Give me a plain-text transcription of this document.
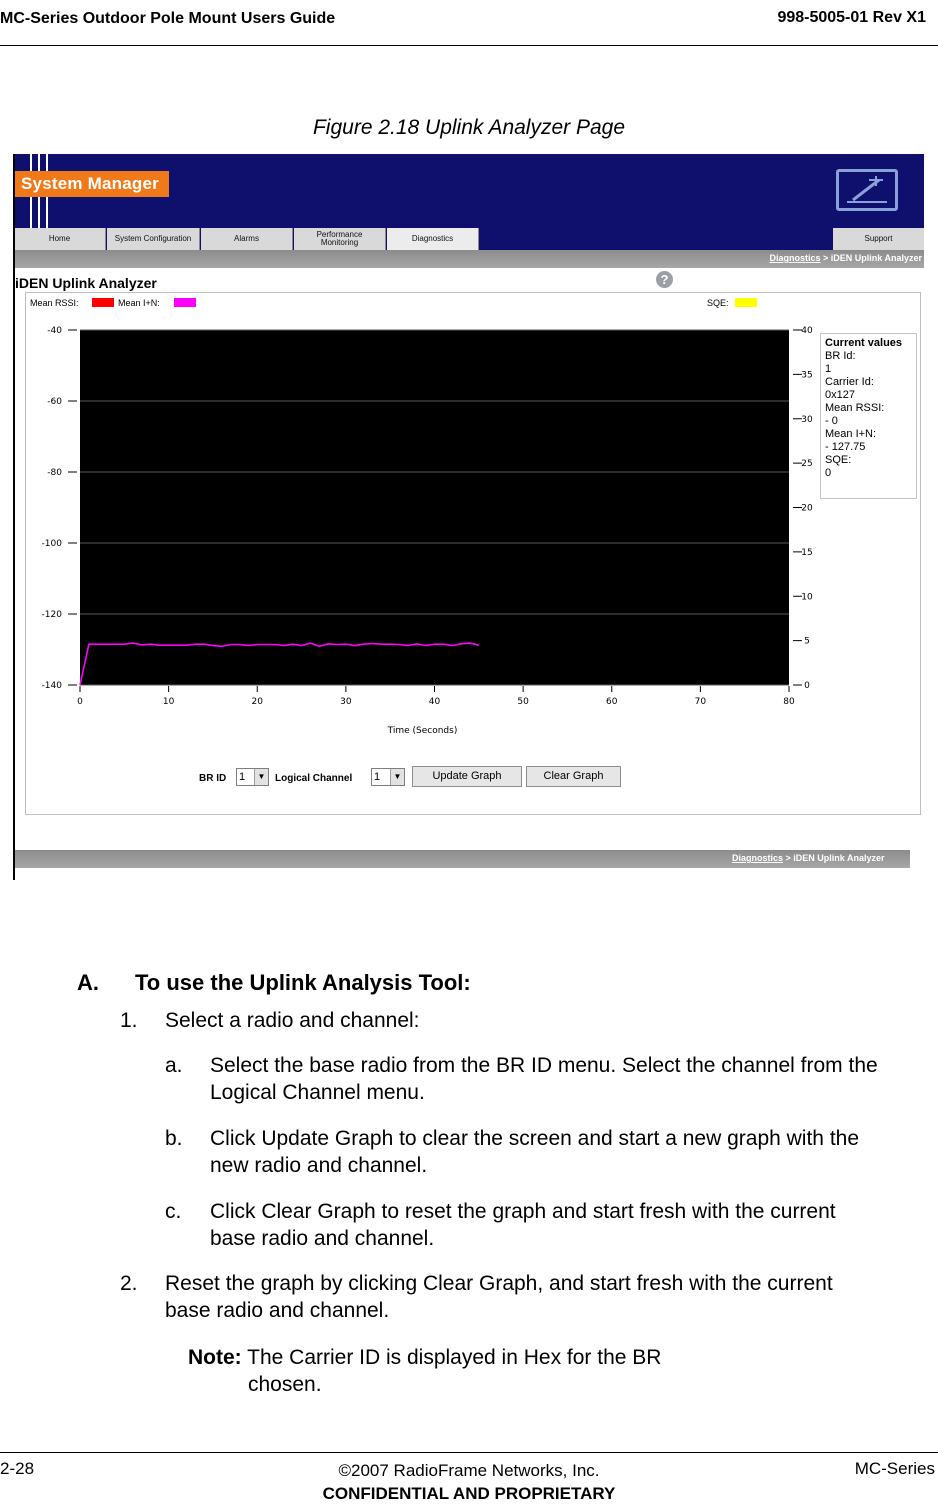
MC-Series Outdoor Pole Mount Users Guide	998-5005-01 Rev X1
Figure 2.18 Uplink Analyzer Page
System Manager
Home	System Configuration	Alarms	Performance Monitoring	Diagnostics	Support
Diagnostics > iDEN Uplink Analyzer
iDEN Uplink Analyzer	?
Mean RSSI:	Mean I+N:	SQE:
-40
-60
-80
-100
-120
-140
40
35
30
25
20
15
10
5
0
0	10	20	30	40	50	60	70	80
Time (Seconds)
Current values
BR Id:
1
Carrier Id:
0x127
Mean RSSI:
- 0
Mean I+N:
- 127.75
SQE:
0
BR ID 1	▼ Logical Channel 1	▼	Update Graph	Clear Graph
Diagnostics > iDEN Uplink Analyzer
A. To use the Uplink Analysis Tool:
1. Select a radio and channel:
a. Select the base radio from the BR ID menu. Select the channel from the
Logical Channel menu.
b. Click Update Graph to clear the screen and start a new graph with the
new radio and channel.
c. Click Clear Graph to reset the graph and start fresh with the current
base radio and channel.
2. Reset the graph by clicking Clear Graph, and start fresh with the current
base radio and channel.
Note: The Carrier ID is displayed in Hex for the BR
chosen.
2-28	©2007 RadioFrame Networks, Inc.
CONFIDENTIAL AND PROPRIETARY
MC-Series
